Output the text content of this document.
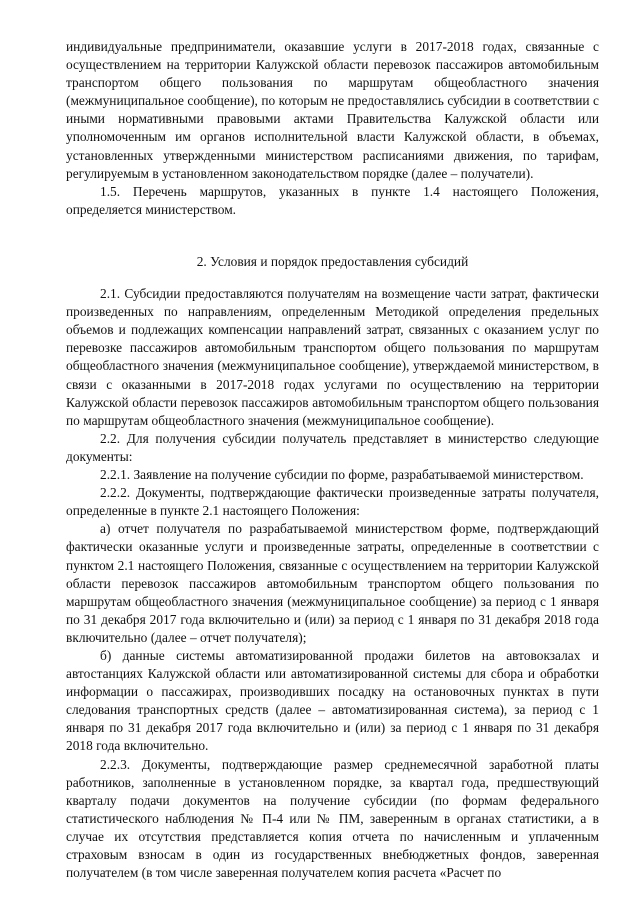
индивидуальные предприниматели, оказавшие услуги в 2017-2018 годах, связанные с осуществлением на территории Калужской области перевозок пассажиров автомобильным транспортом общего пользования по маршрутам общеобластного значения (межмуниципальное сообщение), по которым не предоставлялись субсидии в соответствии с иными нормативными правовыми актами Правительства Калужской области или уполномоченным им органов исполнительной власти Калужской области, в объемах, установленных утвержденными министерством расписаниями движения, по тарифам, регулируемым в установленном законодательством порядке (далее – получатели).

1.5. Перечень маршрутов, указанных в пункте 1.4 настоящего Положения, определяется министерством.

2. Условия и порядок предоставления субсидий

2.1. Субсидии предоставляются получателям на возмещение части затрат, фактически произведенных по направлениям, определенным Методикой определения предельных объемов и подлежащих компенсации направлений затрат, связанных с оказанием услуг по перевозке пассажиров автомобильным транспортом общего пользования по маршрутам общеобластного значения (межмуниципальное сообщение), утверждаемой министерством, в связи с оказанными в 2017-2018 годах услугами по осуществлению на территории Калужской области перевозок пассажиров автомобильным транспортом общего пользования по маршрутам общеобластного значения (межмуниципальное сообщение).

2.2. Для получения субсидии получатель представляет в министерство следующие документы:

2.2.1. Заявление на получение субсидии по форме, разрабатываемой министерством.

2.2.2. Документы, подтверждающие фактически произведенные затраты получателя, определенные в пункте 2.1 настоящего Положения:

а) отчет получателя по разрабатываемой министерством форме, подтверждающий фактически оказанные услуги и произведенные затраты, определенные в соответствии с пунктом 2.1 настоящего Положения, связанные с осуществлением на территории Калужской области перевозок пассажиров автомобильным транспортом общего пользования по маршрутам общеобластного значения (межмуниципальное сообщение) за период с 1 января по 31 декабря 2017 года включительно и (или) за период с 1 января по 31 декабря 2018 года включительно (далее – отчет получателя);

б) данные системы автоматизированной продажи билетов на автовокзалах и автостанциях Калужской области или автоматизированной системы для сбора и обработки информации о пассажирах, производивших посадку на остановочных пунктах в пути следования транспортных средств (далее – автоматизированная система), за период с 1 января по 31 декабря 2017 года включительно и (или) за период с 1 января по 31 декабря 2018 года включительно.

2.2.3. Документы, подтверждающие размер среднемесячной заработной платы работников, заполненные в установленном порядке, за квартал года, предшествующий кварталу подачи документов на получение субсидии (по формам федерального статистического наблюдения № П-4 или № ПМ, заверенным в органах статистики, а в случае их отсутствия представляется копия отчета по начисленным и уплаченным страховым взносам в один из государственных внебюджетных фондов, заверенная получателем (в том числе заверенная получателем копия расчета «Расчет по
